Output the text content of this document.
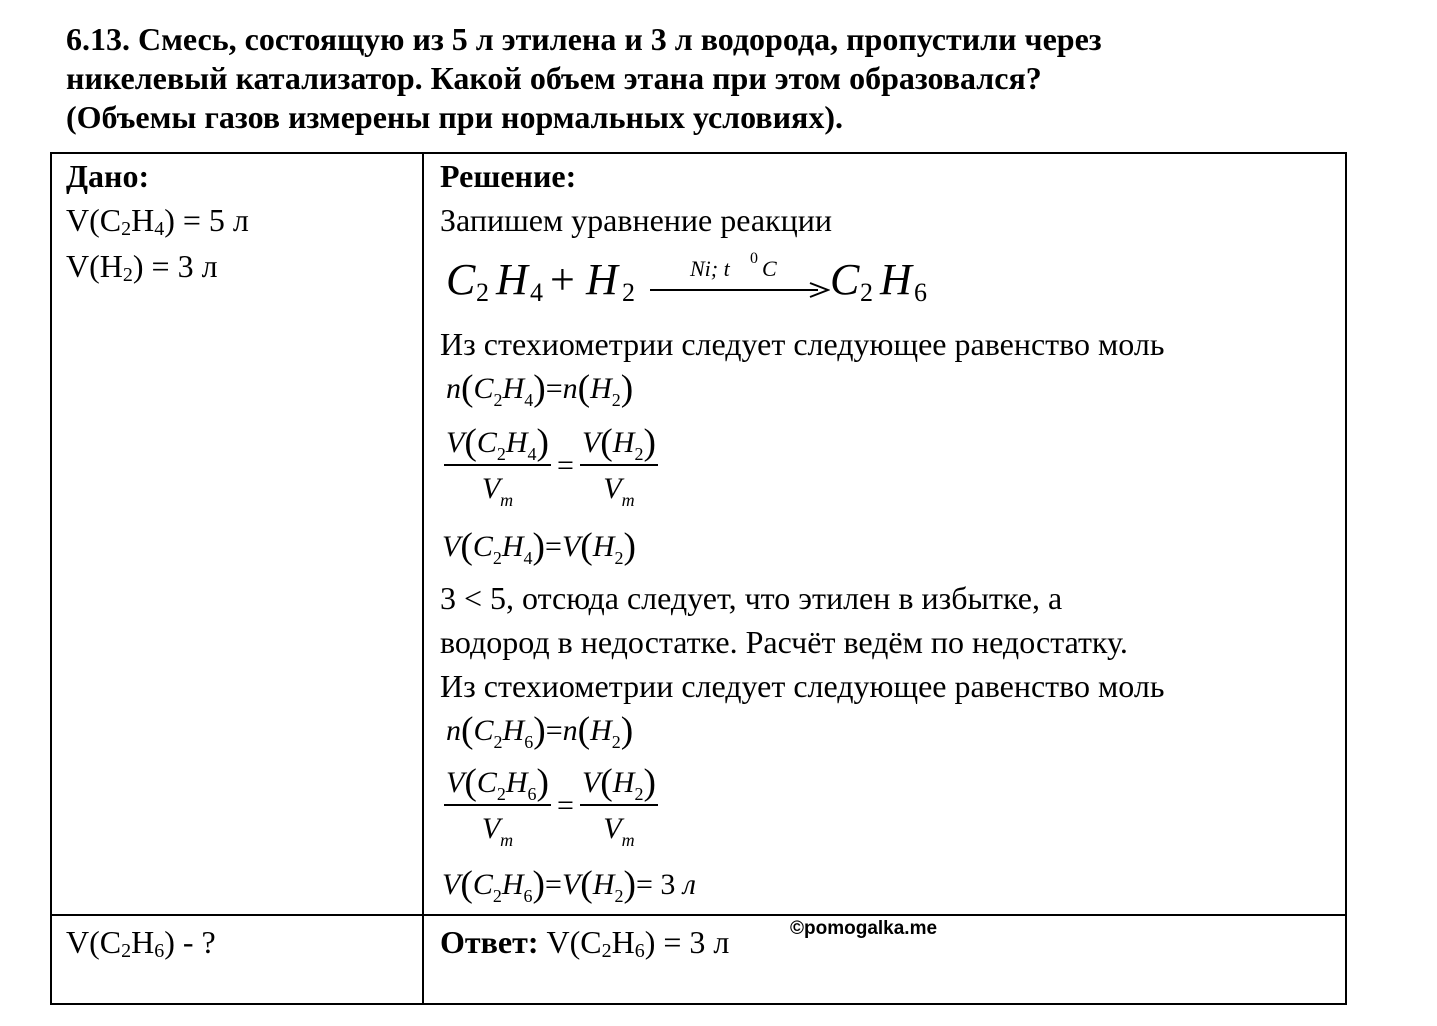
6.13. Смесь, состоящую из 5 л этилена и 3 л водорода, пропустили через
никелевый катализатор. Какой объем этана при этом образовался?
(Объемы газов измерены при нормальных условиях).
Дано:
$V(C_2H_4) = 5$ л
$V(H_2) = 3$ л
$V(C_2H_6)$ - ?
Решение:
Запишем уравнение реакции
C 2 H 4 + H 2
Ni; t 0 C C 2 H 6
Из стехиометрии следует следующее равенство моль
$n(C_2H_4)=n(H_2)$
$\frac{V(C_2H_4)}{V_m} = \frac{V(H_2)}{V_m}$
$V(C_2H_4)=V(H_2)$
3 < 5, отсюда следует, что этилен в избытке, а
водород в недостатке. Расчёт ведём по недостатку.
Из стехиометрии следует следующее равенство моль
$n(C_2H_6)=n(H_2)$
$\frac{V(C_2H_6)}{V_m} = \frac{V(H_2)}{V_m}$
$V(C_2H_6)=V(H_2)= 3$ л
Ответ: $V(C_2H_6) = 3$ л	©pomogalka.me
